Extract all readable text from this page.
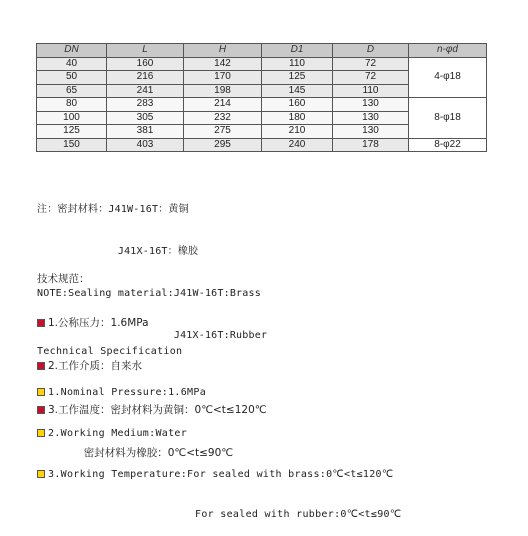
DN	L	H	D1	D	n-φd
40	160	142	110	72	4-φ18
50	216	170	125	72	
65	241	198	145	110	
80	283	214	160	130	8-φ18
100	305	232	180	130	
125	381	275	210	130	
150	403	295	240	178	8-φ22

注：密封材料：J41W-16T：黄铜

J41X-16T：橡胶

NOTE:Sealing material:J41W-16T:Brass

J41X-16T:Rubber

技术规范：

1.公称压力：1.6MPa

2.工作介质：自来水

3.工作温度：密封材料为黄铜：0℃<t≤120℃

密封材料为橡胶：0℃<t≤90℃

Technical Specification

1.Nominal Pressure:1.6MPa

2.Working Medium:Water

3.Working Temperature:For sealed with brass:0℃<t≤120℃

For sealed with rubber:0℃<t≤90℃
